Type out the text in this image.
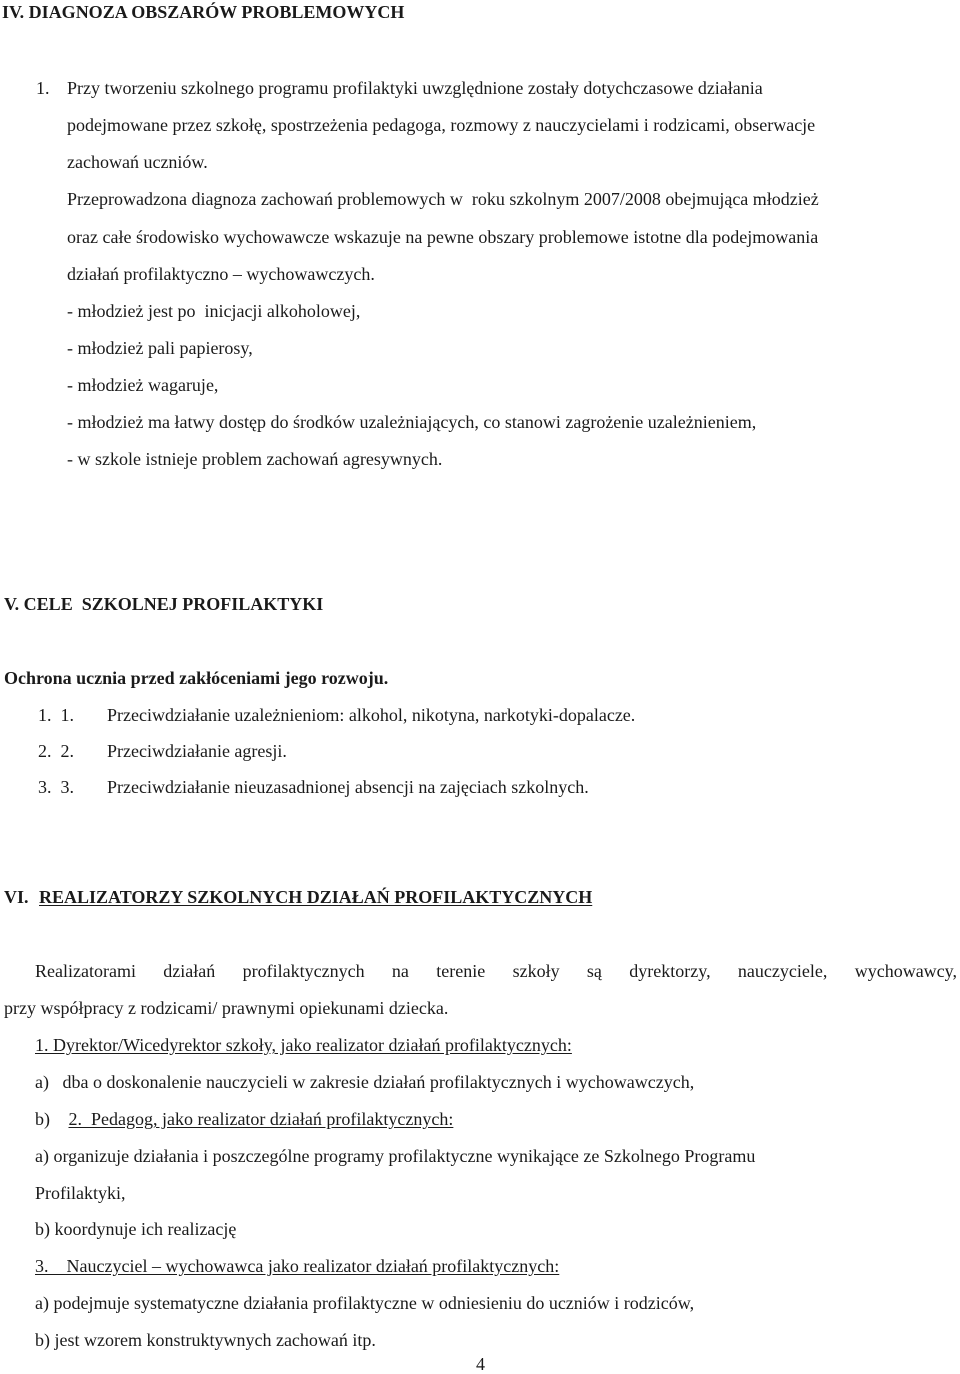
IV. DIAGNOZA OBSZARÓW PROBLEMOWYCH
1. Przy tworzeniu szkolnego programu profilaktyki uwzględnione zostały dotychczasowe działania
podejmowane przez szkołę, spostrzeżenia pedagoga, rozmowy z nauczycielami i rodzicami, obserwacje
zachowań uczniów.
Przeprowadzona diagnoza zachowań problemowych w  roku szkolnym 2007/2008 obejmująca młodzież
oraz całe środowisko wychowawcze wskazuje na pewne obszary problemowe istotne dla podejmowania
działań profilaktyczno – wychowawczych.
- młodzież jest po  inicjacji alkoholowej,
- młodzież pali papierosy,
- młodzież wagaruje,
- młodzież ma łatwy dostęp do środków uzależniających, co stanowi zagrożenie uzależnieniem,
- w szkole istnieje problem zachowań agresywnych.
V. CELE  SZKOLNEJ PROFILAKTYKI
Ochrona ucznia przed zakłóceniami jego rozwoju.
1.  1. Przeciwdziałanie uzależnieniom: alkohol, nikotyna, narkotyki-dopalacze.
2.  2. Przeciwdziałanie agresji.
3.  3. Przeciwdziałanie nieuzasadnionej absencji na zajęciach szkolnych.
VI. REALIZATORZY SZKOLNYCH DZIAŁAŃ PROFILAKTYCZNYCH
Realizatorami działań profilaktycznych na terenie szkoły są dyrektorzy, nauczyciele, wychowawcy,
przy współpracy z rodzicami/ prawnymi opiekunami dziecka.
1. Dyrektor/Wicedyrektor szkoły, jako realizator działań profilaktycznych:
a)   dba o doskonalenie nauczycieli w zakresie działań profilaktycznych i wychowawczych,
b) 2.  Pedagog, jako realizator działań profilaktycznych:
a) organizuje działania i poszczególne programy profilaktyczne wynikające ze Szkolnego Programu
Profilaktyki,
b) koordynuje ich realizację
3. Nauczyciel – wychowawca jako realizator działań profilaktycznych:
a) podejmuje systematyczne działania profilaktyczne w odniesieniu do uczniów i rodziców,
b) jest wzorem konstruktywnych zachowań itp.
4
